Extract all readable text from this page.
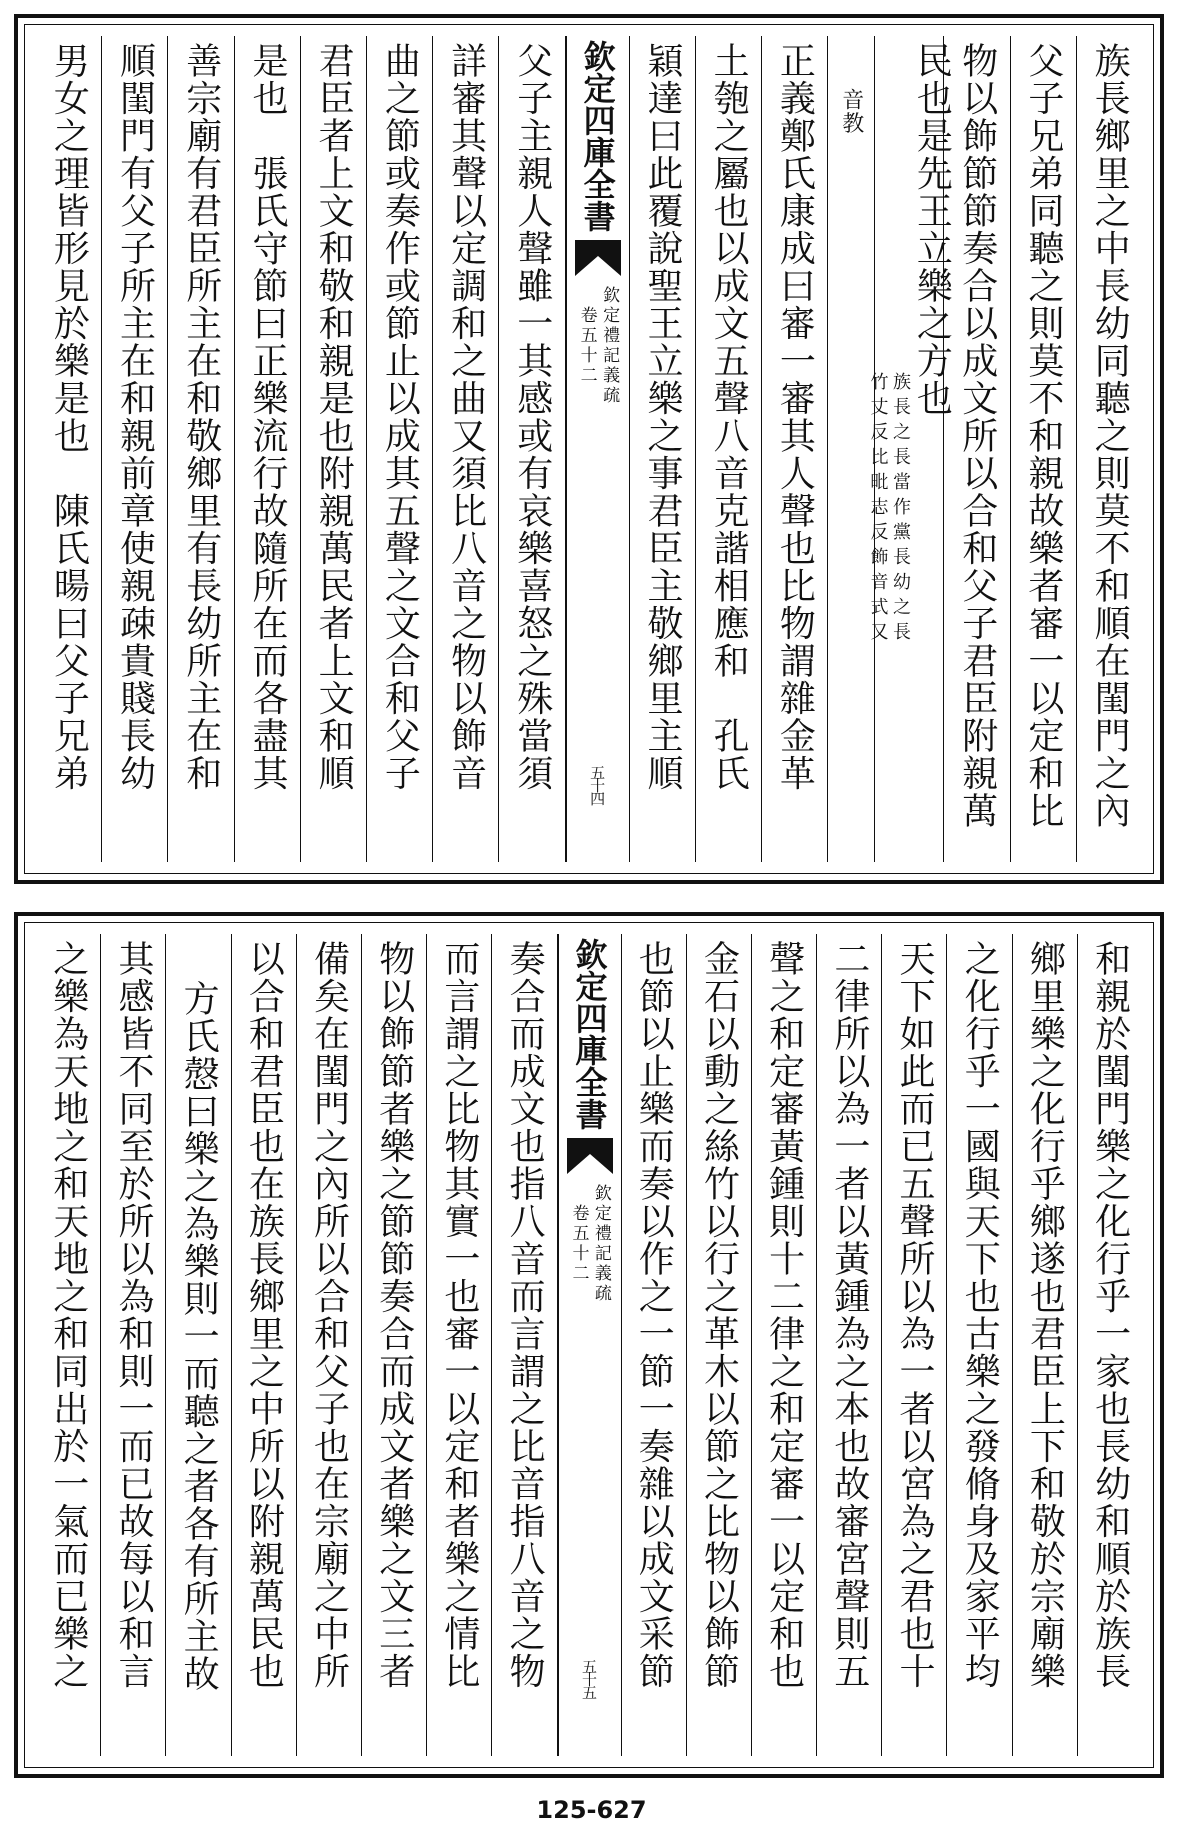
族長鄉里之中長幼同聽之則莫不和順在閨門之內
父子兄弟同聽之則莫不和親故樂者審一以定和比
物以飾節節奏合以成文所以合和父子君臣附親萬
民也是先王立樂之方也
族長之長當作黨長幼之長
竹丈反比毗志反飾音式又
音教
正義鄭氏康成曰審一審其人聲也比物謂雜金革
土匏之屬也以成文五聲八音克諧相應和　孔氏
穎達曰此覆說聖王立樂之事君臣主敬鄉里主順
欽定四庫全書
欽定禮記義疏
卷五十二
五十四
父子主親人聲雖一其感或有哀樂喜怒之殊當須
詳審其聲以定調和之曲又須比八音之物以飾音
曲之節或奏作或節止以成其五聲之文合和父子
君臣者上文和敬和親是也附親萬民者上文和順
是也　張氏守節曰正樂流行故隨所在而各盡其
善宗廟有君臣所主在和敬鄉里有長幼所主在和
順閨門有父子所主在和親前章使親疎貴賤長幼
男女之理皆形見於樂是也　陳氏暘曰父子兄弟
和親於閨門樂之化行乎一家也長幼和順於族長
鄉里樂之化行乎鄉遂也君臣上下和敬於宗廟樂
之化行乎一國與天下也古樂之發脩身及家平均
天下如此而已五聲所以為一者以宮為之君也十
二律所以為一者以黃鍾為之本也故審宮聲則五
聲之和定審黃鍾則十二律之和定審一以定和也
金石以動之絲竹以行之革木以節之比物以飾節
也節以止樂而奏以作之一節一奏雜以成文采節
欽定四庫全書
欽定禮記義疏
卷五十二
五十五
奏合而成文也指八音而言謂之比音指八音之物
而言謂之比物其實一也審一以定和者樂之情比
物以飾節者樂之節節奏合而成文者樂之文三者
備矣在閨門之內所以合和父子也在宗廟之中所
以合和君臣也在族長鄉里之中所以附親萬民也
方氏慤曰樂之為樂則一而聽之者各有所主故
其感皆不同至於所以為和則一而已故每以和言
之樂為天地之和天地之和同出於一氣而已樂之
125-627
